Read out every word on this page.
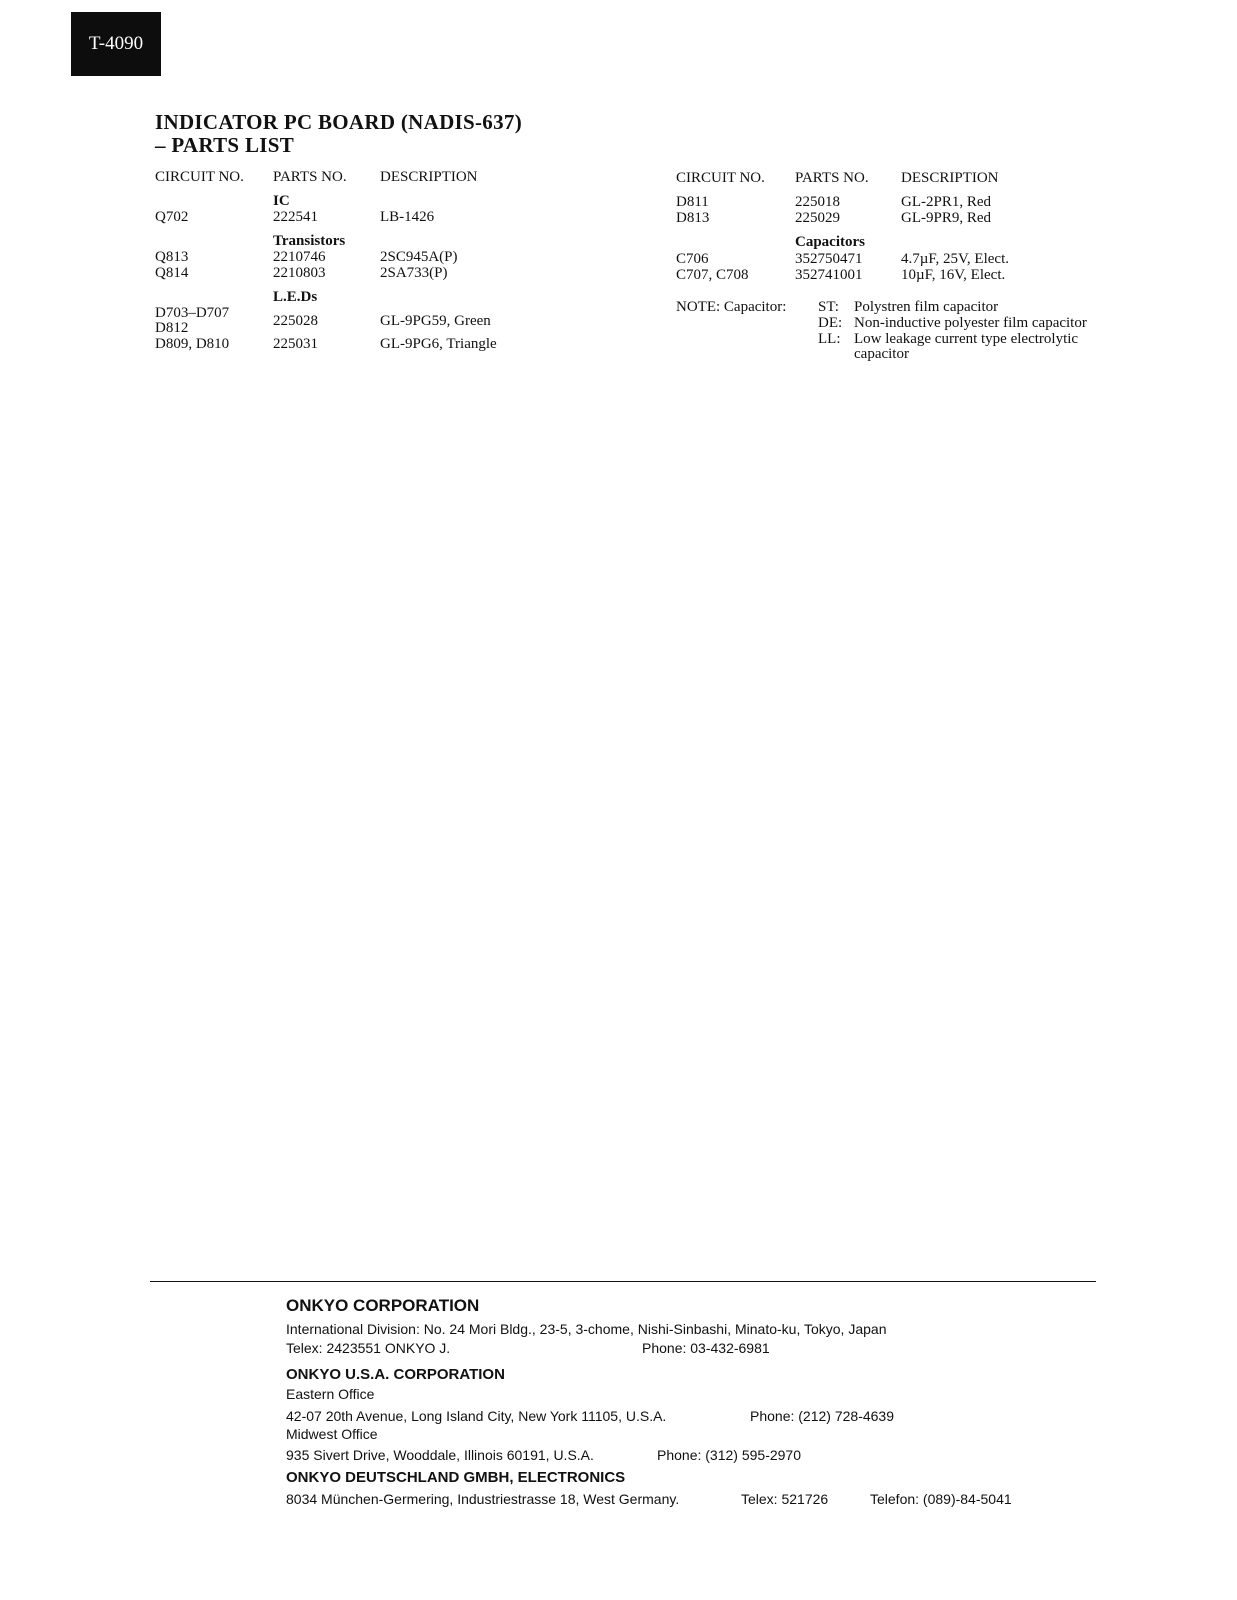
T-4090
INDICATOR PC BOARD (NADIS-637)
– PARTS LIST
CIRCUIT NO. PARTS NO. DESCRIPTION
IC
Q702	222541	LB-1426
Transistors
Q813	2210746	2SC945A(P)
Q814	2210803	2SA733(P)
L.E.Ds
D703–D707
D812	225028	GL-9PG59, Green
D809, D810	225031	GL-9PG6, Triangle
CIRCUIT NO. PARTS NO. DESCRIPTION
D811	225018	GL-2PR1, Red
D813	225029	GL-9PR9, Red
Capacitors
C706	352750471	4.7µF, 25V, Elect.
C707, C708	352741001	10µF, 16V, Elect.
NOTE: Capacitor: ST: Polystren film capacitor
DE: Non-inductive polyester film capacitor
LL: Low leakage current type electrolytic
capacitor
ONKYO CORPORATION
International Division: No. 24 Mori Bldg., 23-5, 3-chome, Nishi-Sinbashi, Minato-ku, Tokyo, Japan
Telex: 2423551 ONKYO J.	Phone: 03-432-6981
ONKYO U.S.A. CORPORATION
Eastern Office
42-07 20th Avenue, Long Island City, New York 11105, U.S.A.	Phone: (212) 728-4639
Midwest Office
935 Sivert Drive, Wooddale, Illinois 60191, U.S.A.	Phone: (312) 595-2970
ONKYO DEUTSCHLAND GMBH, ELECTRONICS
8034 München-Germering, Industriestrasse 18, West Germany.	Telex: 521726	Telefon: (089)-84-5041
